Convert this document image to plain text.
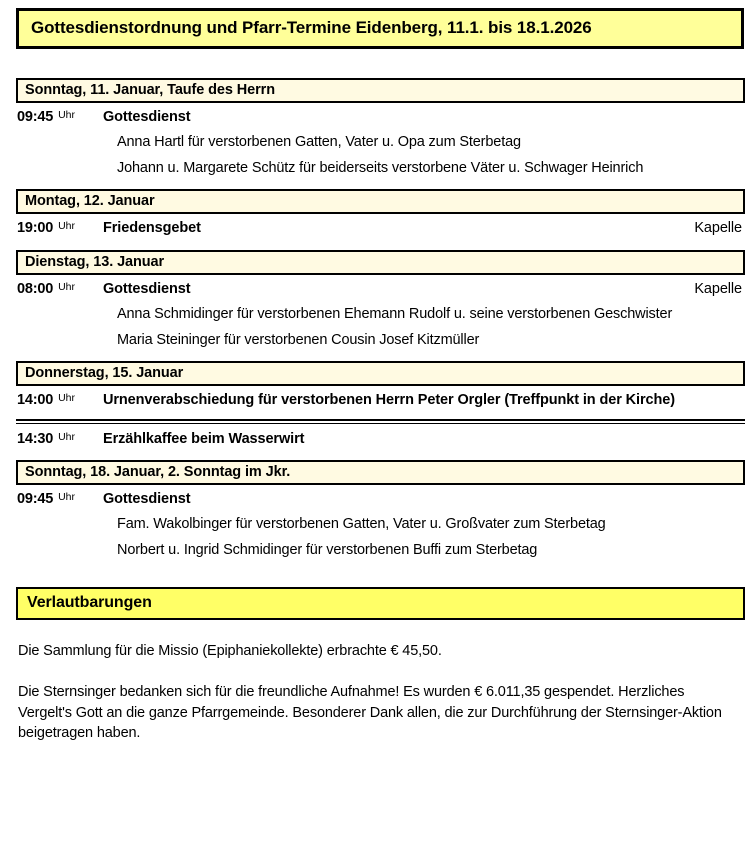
Gottesdienstordnung und Pfarr-Termine Eidenberg, 11.1. bis 18.1.2026
Sonntag, 11. Januar, Taufe des Herrn
09:45 Uhr	Gottesdienst
Anna Hartl für verstorbenen Gatten, Vater u. Opa zum Sterbetag
Johann u. Margarete Schütz für beiderseits verstorbene Väter u. Schwager Heinrich
Montag, 12. Januar
19:00 Uhr	Friedensgebet	Kapelle
Dienstag, 13. Januar
08:00 Uhr	Gottesdienst	Kapelle
Anna Schmidinger für verstorbenen Ehemann Rudolf u. seine verstorbenen Geschwister
Maria Steininger für verstorbenen Cousin Josef Kitzmüller
Donnerstag, 15. Januar
14:00 Uhr	Urnenverabschiedung für verstorbenen Herrn Peter Orgler (Treffpunkt in der Kirche)
14:30 Uhr	Erzählkaffee beim Wasserwirt
Sonntag, 18. Januar, 2. Sonntag im Jkr.
09:45 Uhr	Gottesdienst
Fam. Wakolbinger für verstorbenen Gatten, Vater u. Großvater zum Sterbetag
Norbert u. Ingrid Schmidinger für verstorbenen Buffi zum Sterbetag
Verlautbarungen

Die Sammlung für die Missio (Epiphaniekollekte) erbrachte € 45,50.

Die Sternsinger bedanken sich für die freundliche Aufnahme! Es wurden € 6.011,35 gespendet. Herzliches Vergelt's Gott an die ganze Pfarrgemeinde. Besonderer Dank allen, die zur Durchführung der Sternsinger-Aktion beigetragen haben.
